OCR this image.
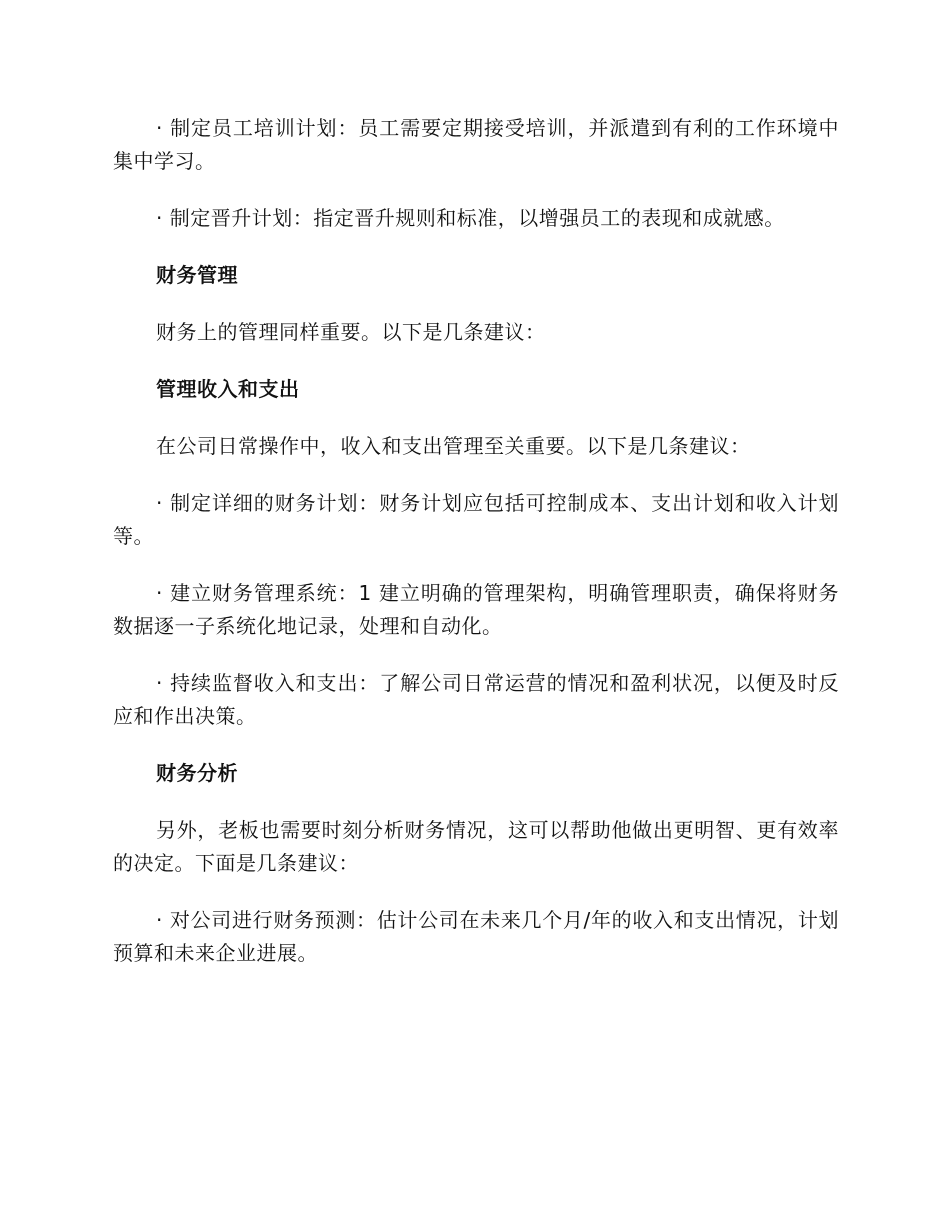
· 制定员工培训计划：员工需要定期接受培训，并派遣到有利的工作环境中集中学习。

· 制定晋升计划：指定晋升规则和标准，以增强员工的表现和成就感。

财务管理

财务上的管理同样重要。以下是几条建议：

管理收入和支出

在公司日常操作中，收入和支出管理至关重要。以下是几条建议：

· 制定详细的财务计划：财务计划应包括可控制成本、支出计划和收入计划等。

· 建立财务管理系统：1 建立明确的管理架构，明确管理职责，确保将财务数据逐一子系统化地记录，处理和自动化。

· 持续监督收入和支出：了解公司日常运营的情况和盈利状况，以便及时反应和作出决策。

财务分析

另外，老板也需要时刻分析财务情况，这可以帮助他做出更明智、更有效率的决定。下面是几条建议：

· 对公司进行财务预测：估计公司在未来几个月/年的收入和支出情况，计划预算和未来企业进展。
